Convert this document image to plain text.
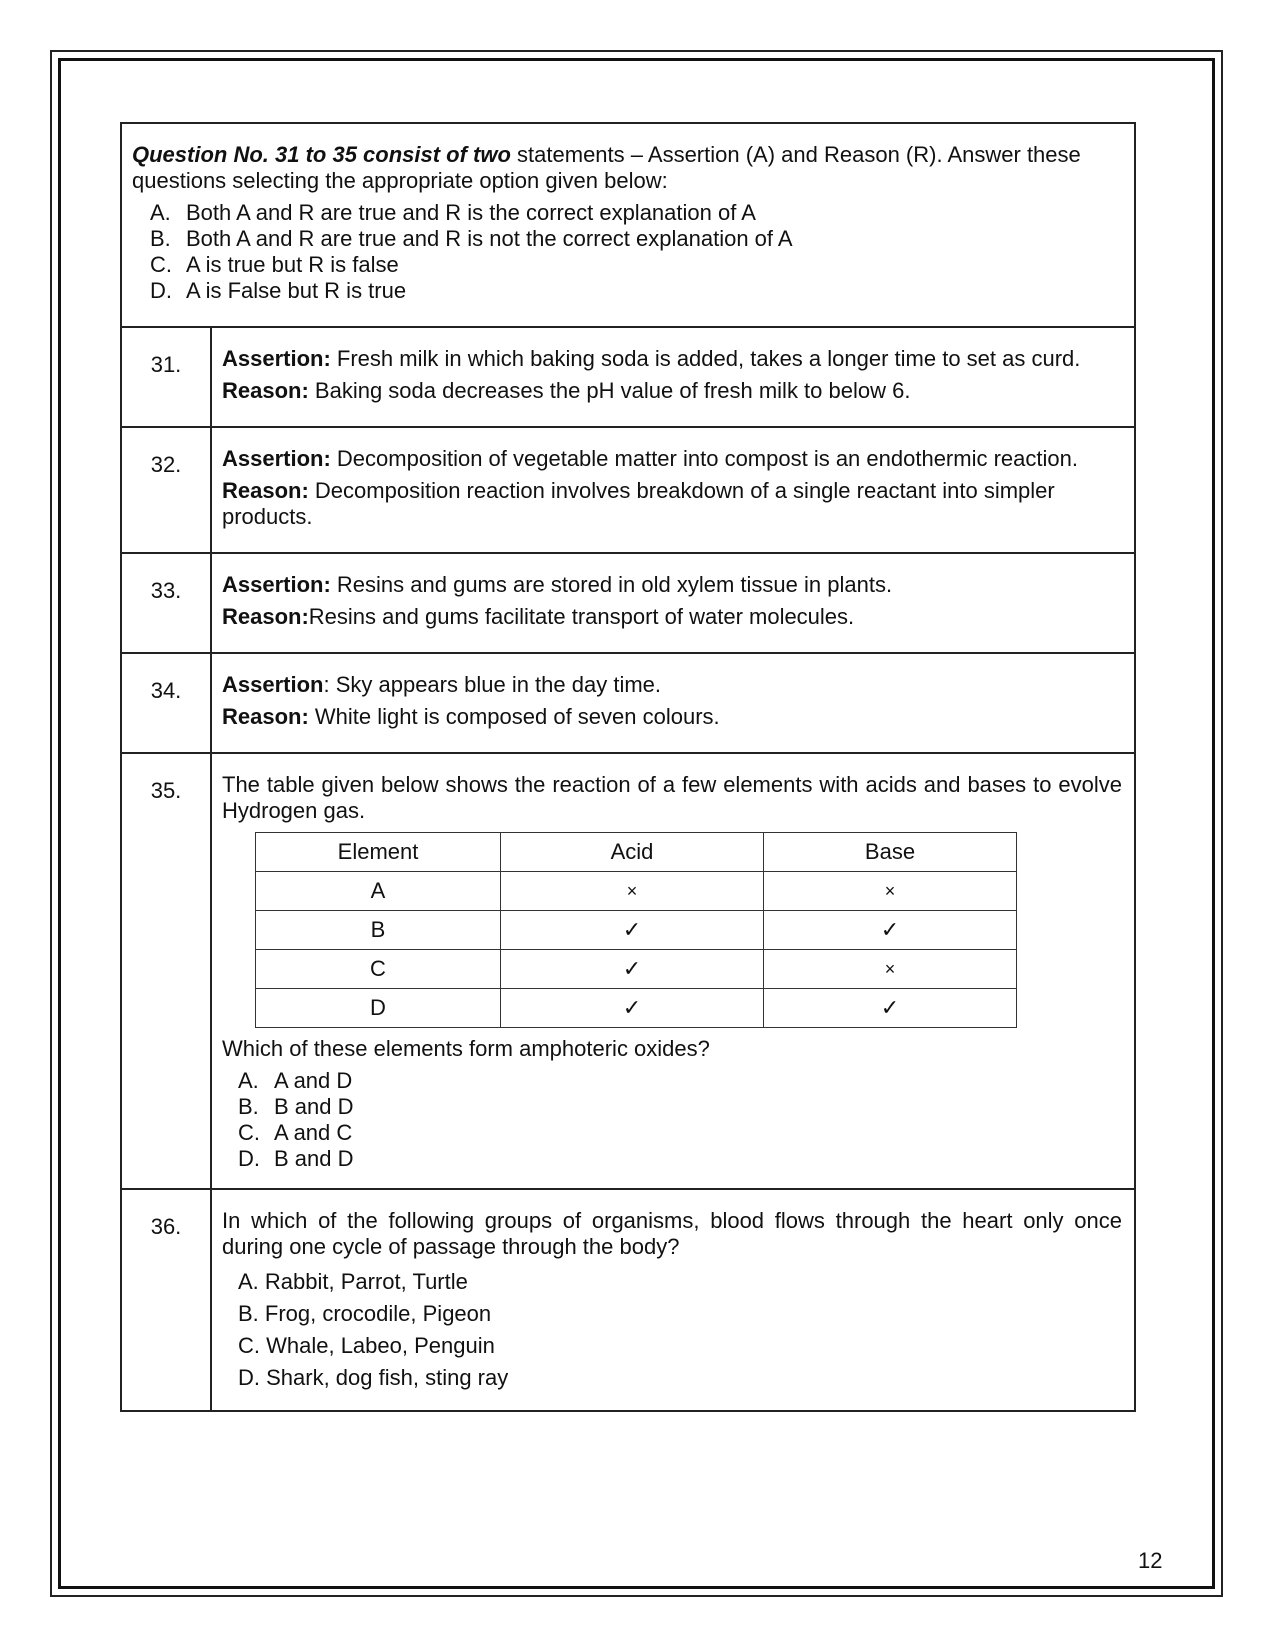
Question No. 31 to 35 consist of two statements – Assertion (A) and Reason (R). Answer these questions selecting the appropriate option given below:
A. Both A and R are true and R is the correct explanation of A
B. Both A and R are true and R is not the correct explanation of A
C. A is true but R is false
D. A is False but R is true

31.	Assertion: Fresh milk in which baking soda is added, takes a longer time to set as curd.

Reason: Baking soda decreases the pH value of fresh milk to below 6.

32.	Assertion: Decomposition of vegetable matter into compost is an endothermic reaction.

Reason: Decomposition reaction involves breakdown of a single reactant into simpler products.

33.	Assertion: Resins and gums are stored in old xylem tissue in plants.

Reason:Resins and gums facilitate transport of water molecules.

34.	Assertion: Sky appears blue in the day time.

Reason: White light is composed of seven colours.

35.	The table given below shows the reaction of a few elements with acids and bases to evolve Hydrogen gas.
Element	Acid	Base
A	×	×
B	✓	✓
C	✓	×
D	✓	✓
Which of these elements form amphoteric oxides?
A. A and D
B. B and D
C. A and C
D. B and D

36.	In which of the following groups of organisms, blood flows through the heart only once during one cycle of passage through the body?
A. Rabbit, Parrot, Turtle
B. Frog, crocodile, Pigeon
C. Whale, Labeo, Penguin
D. Shark, dog fish, sting ray
12
